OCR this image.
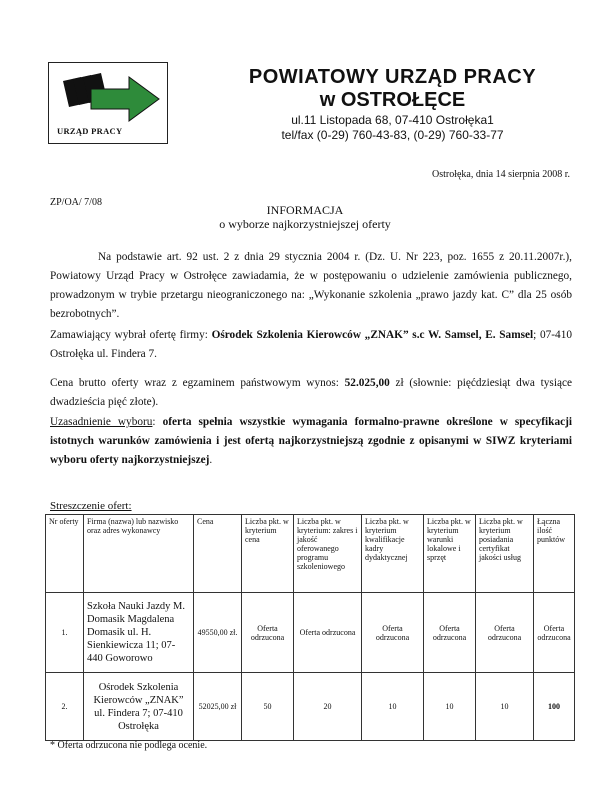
URZĄD PRACY
POWIATOWY URZĄD PRACY
w OSTROŁĘCE
ul.11 Listopada 68, 07-410 Ostrołęka1
tel/fax (0-29) 760-43-83, (0-29) 760-33-77
Ostrołęka, dnia 14 sierpnia 2008 r.
ZP/OA/ 7/08
INFORMACJA
o wyborze najkorzystniejszej oferty
Na podstawie art. 92 ust. 2 z dnia 29 stycznia 2004 r. (Dz. U. Nr 223, poz. 1655 z 20.11.2007r.), Powiatowy Urząd Pracy w Ostrołęce zawiadamia, że w postępowaniu o udzielenie zamówienia publicznego, prowadzonym w trybie przetargu nieograniczonego na: „Wykonanie szkolenia „prawo jazdy kat. C” dla 25 osób bezrobotnych”.
Zamawiający wybrał ofertę firmy: Ośrodek Szkolenia Kierowców „ZNAK” s.c W. Samsel, E. Samsel; 07-410 Ostrołęka ul. Findera 7.
Cena brutto oferty wraz z egzaminem państwowym wynos: 52.025,00 zł (słownie: pięćdziesiąt dwa tysiące dwadzieścia pięć złote).
Uzasadnienie wyboru: oferta spełnia wszystkie wymagania formalno-prawne określone w specyfikacji istotnych warunków zamówienia i jest ofertą najkorzystniejszą zgodnie z opisanymi w SIWZ kryteriami wyboru oferty najkorzystniejszej.
Streszczenie ofert:
Nr oferty	Firma (nazwa) lub nazwisko oraz adres wykonawcy	Cena	Liczba pkt. w kryterium cena	Liczba pkt. w kryterium: zakres i jakość oferowanego programu szkoleniowego	Liczba pkt. w kryterium kwalifikacje kadry dydaktycznej	Liczba pkt. w kryterium warunki lokalowe i sprzęt	Liczba pkt. w kryterium posiadania certyfikat jakości usług	Łączna ilość punktów
1.	Szkoła Nauki Jazdy M. Domasik Magdalena Domasik ul. H. Sienkiewicza 11; 07-440 Goworowo	49550,00 zł.	Oferta odrzucona	Oferta odrzucona	Oferta odrzucona	Oferta odrzucona	Oferta odrzucona	Oferta odrzucona
2.	Ośrodek Szkolenia Kierowców „ZNAK” ul. Findera 7; 07-410 Ostrołęka	52025,00 zł	50	20	10	10	10	100
* Oferta odrzucona nie podlega ocenie.
